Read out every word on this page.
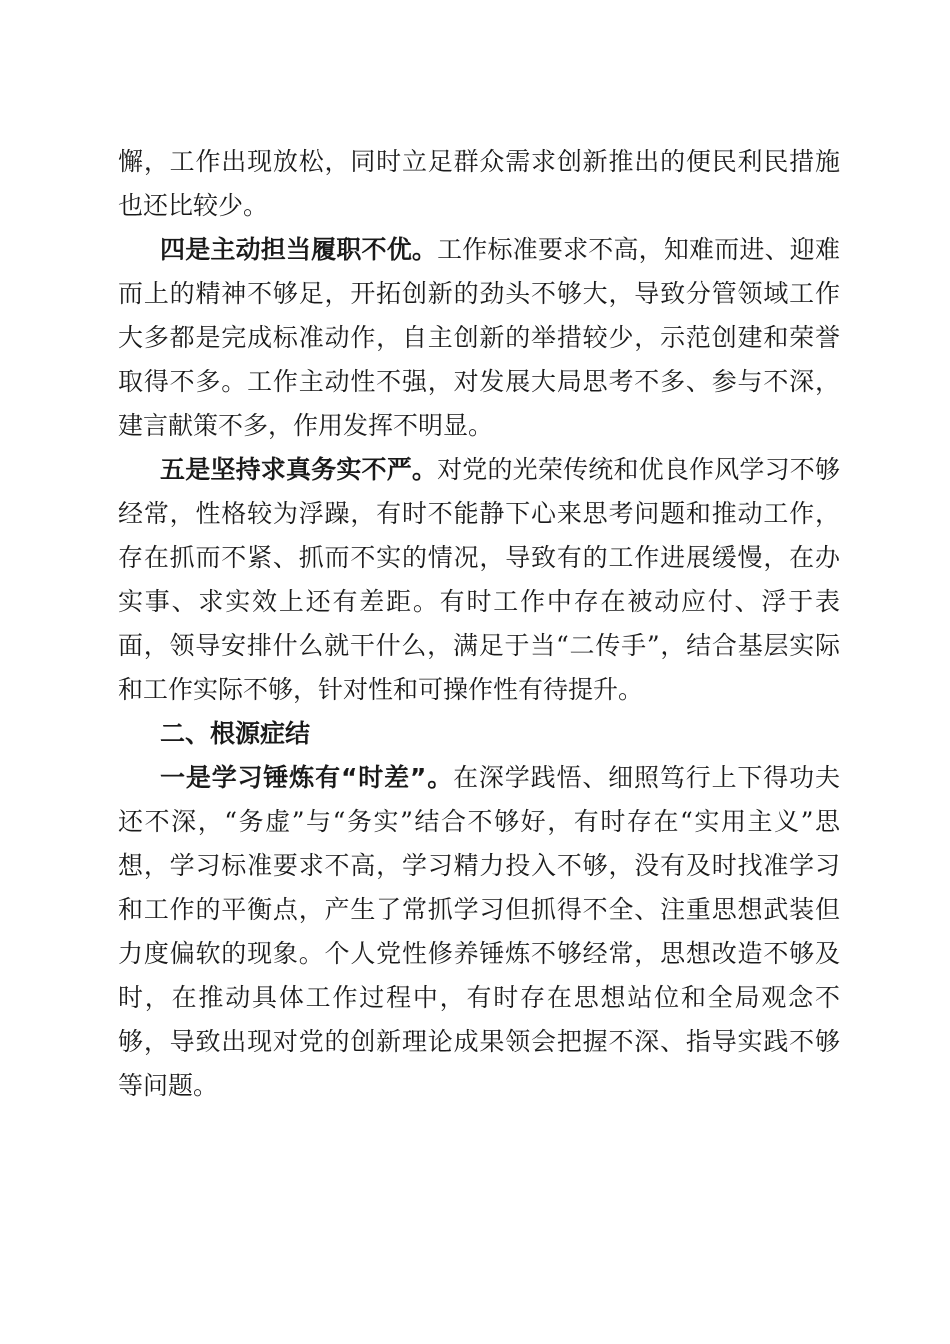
懈，工作出现放松，同时立足群众需求创新推出的便民利民措施也还比较少。

四是主动担当履职不优。工作标准要求不高，知难而进、迎难而上的精神不够足，开拓创新的劲头不够大，导致分管领域工作大多都是完成标准动作，自主创新的举措较少，示范创建和荣誉取得不多。工作主动性不强，对发展大局思考不多、参与不深，建言献策不多，作用发挥不明显。

五是坚持求真务实不严。对党的光荣传统和优良作风学习不够经常，性格较为浮躁，有时不能静下心来思考问题和推动工作，存在抓而不紧、抓而不实的情况，导致有的工作进展缓慢，在办实事、求实效上还有差距。有时工作中存在被动应付、浮于表面，领导安排什么就干什么，满足于当“二传手”，结合基层实际和工作实际不够，针对性和可操作性有待提升。

二、根源症结

一是学习锤炼有“时差”。在深学践悟、细照笃行上下得功夫还不深，“务虚”与“务实”结合不够好，有时存在“实用主义”思想，学习标准要求不高，学习精力投入不够，没有及时找准学习和工作的平衡点，产生了常抓学习但抓得不全、注重思想武装但力度偏软的现象。个人党性修养锤炼不够经常，思想改造不够及时，在推动具体工作过程中，有时存在思想站位和全局观念不够，导致出现对党的创新理论成果领会把握不深、指导实践不够等问题。
